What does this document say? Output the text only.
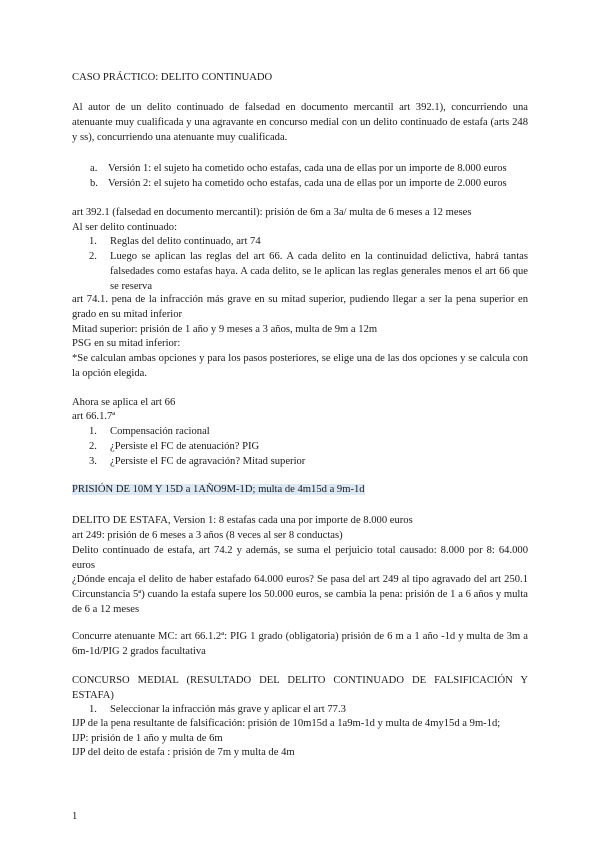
CASO PRÁCTICO: DELITO CONTINUADO

Al autor de un delito continuado de falsedad en documento mercantil art 392.1), concurriendo una atenuante muy cualificada y una agravante en concurso medial con un delito continuado de estafa (arts 248 y ss), concurriendo una atenuante muy cualificada.

a. Versión 1: el sujeto ha cometido ocho estafas, cada una de ellas por un importe de 8.000 euros
b. Versión 2: el sujeto ha cometido ocho estafas, cada una de ellas por un importe de 2.000 euros

art 392.1 (falsedad en documento mercantil): prisión de 6m a 3a/ multa de 6 meses a 12 meses

Al ser delito continuado:

1. Reglas del delito continuado, art 74
2. Luego se aplican las reglas del art 66. A cada delito en la continuidad delictiva, habrá tantas falsedades como estafas haya. A cada delito, se le aplican las reglas generales menos el art 66 que se reserva

art 74.1. pena de la infracción más grave en su mitad superior, pudiendo llegar a ser la pena superior en grado en su mitad inferior

Mitad superior: prisión de 1 año y 9 meses a 3 años, multa de 9m a 12m

PSG en su mitad inferior:

*Se calculan ambas opciones y para los pasos posteriores, se elige una de las dos opciones y se calcula con la opción elegida.

Ahora se aplica el art 66

art 66.1.7ª

1. Compensación racional
2. ¿Persiste el FC de atenuación? PIG
3. ¿Persiste el FC de agravación? Mitad superior

PRISIÓN DE 10M Y 15D a 1AÑO9M-1D; multa de 4m15d a 9m-1d

DELITO DE ESTAFA, Version 1: 8 estafas cada una por importe de 8.000 euros

art 249: prisión de 6 meses a 3 años (8 veces al ser 8 conductas)

Delito continuado de estafa, art 74.2 y además, se suma el perjuicio total causado: 8.000 por 8: 64.000 euros

¿Dónde encaja el delito de haber estafado 64.000 euros? Se pasa del art 249 al tipo agravado del art 250.1 Circunstancia 5ª) cuando la estafa supere los 50.000 euros, se cambia la pena: prisión de 1 a 6 años y multa de 6 a 12 meses

Concurre atenuante MC: art 66.1.2ª: PIG 1 grado (obligatoria) prisión de 6 m a 1 año -1d y multa de 3m a 6m-1d/PIG 2 grados facultativa

CONCURSO MEDIAL (RESULTADO DEL DELITO CONTINUADO DE FALSIFICACIÓN Y ESTAFA)

1. Seleccionar la infracción más grave y aplicar el art 77.3

IJP de la pena resultante de falsificación: prisión de 10m15d a 1a9m-1d y multa de 4my15d a 9m-1d;

IJP: prisión de 1 año y multa de 6m

IJP del deito de estafa : prisión de 7m y multa de 4m

1
